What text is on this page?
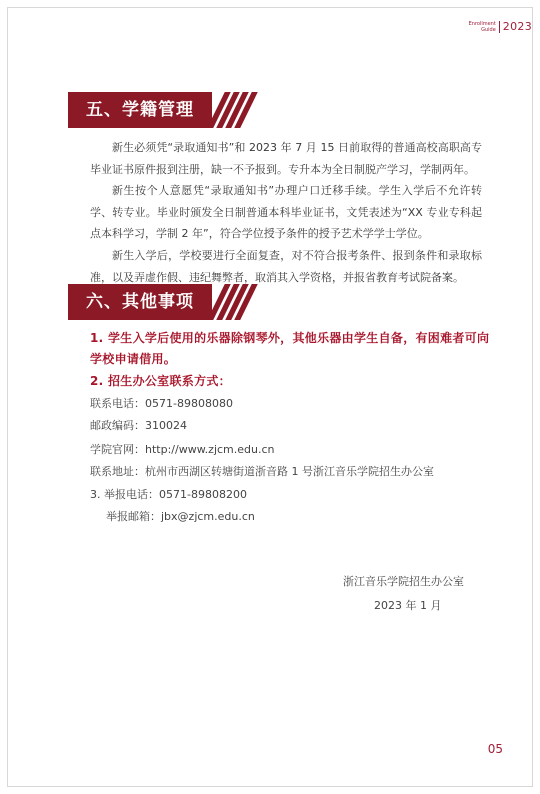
Enrollment
Guide 2023
五、学籍管理

新生必须凭“录取通知书”和 2023 年 7 月 15 日前取得的普通高校高职高专毕业证书原件报到注册，缺一不予报到。专升本为全日制脱产学习，学制两年。

新生按个人意愿凭“录取通知书”办理户口迁移手续。学生入学后不允许转学、转专业。毕业时颁发全日制普通本科毕业证书，文凭表述为“XX 专业专科起点本科学习，学制 2 年”，符合学位授予条件的授予艺术学学士学位。

新生入学后，学校要进行全面复查，对不符合报考条件、报到条件和录取标准，以及弄虚作假、违纪舞弊者，取消其入学资格，并报省教育考试院备案。

六、其他事项

1. 学生入学后使用的乐器除钢琴外，其他乐器由学生自备，有困难者可向学校申请借用。

2. 招生办公室联系方式：

联系电话：0571-89808080

邮政编码：310024

学院官网：http://www.zjcm.edu.cn

联系地址：杭州市西湖区转塘街道浙音路 1 号浙江音乐学院招生办公室

3. 举报电话：0571-89808200

举报邮箱：jbx@zjcm.edu.cn

浙江音乐学院招生办公室

2023 年 1 月

05
